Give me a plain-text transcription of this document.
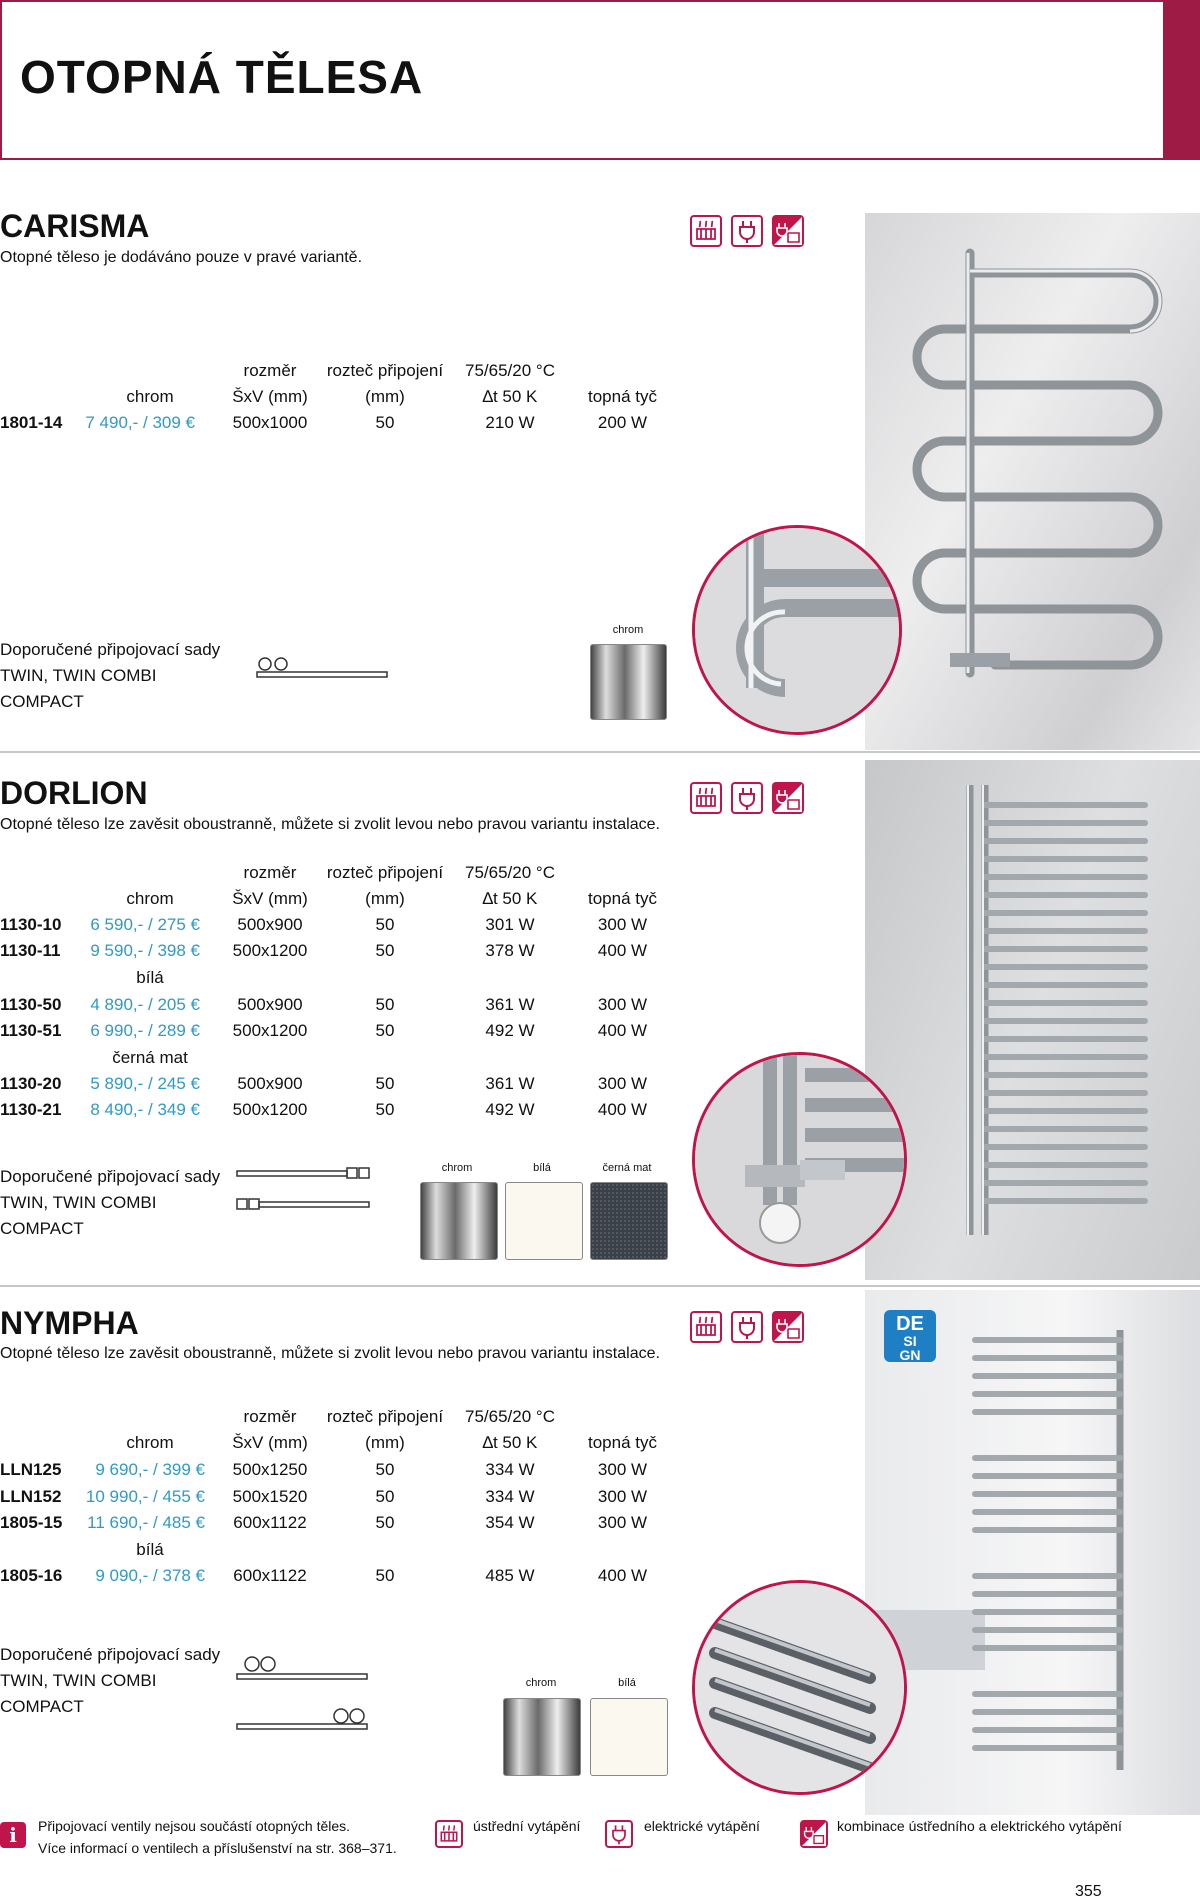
OTOPNÁ TĚLESA
CARISMA
Otopné těleso je dodáváno pouze v pravé variantě.
rozměr	rozteč připojení 75/65/20 °C
chrom	ŠxV (mm)	(mm)	∆t 50 K	topná tyč
1801-14	7 490,- / 309 € 500x1000	50	210 W	200 W
Doporučené připojovací sady
TWIN, TWIN COMBI
COMPACT
chrom
DORLION
Otopné těleso lze zavěsit oboustranně, můžete si zvolit levou nebo pravou variantu instalace.
rozměr	rozteč připojení 75/65/20 °C
chrom	ŠxV (mm)	(mm)	∆t 50 K	topná tyč
1130-10	6 590,- / 275 €	500x900	50	301 W	300 W
1130-11	9 590,- / 398 € 500x1200	50	378 W	400 W
bílá
1130-50	4 890,- / 205 €	500x900	50	361 W	300 W
1130-51	6 990,- / 289 € 500x1200	50	492 W	400 W
černá mat
1130-20	5 890,- / 245 €	500x900	50	361 W	300 W
1130-21	8 490,- / 349 € 500x1200	50	492 W	400 W
Doporučené připojovací sady
TWIN, TWIN COMBI
COMPACT
chrom	bílá	černá mat
NYMPHA
Otopné těleso lze zavěsit oboustranně, můžete si zvolit levou nebo pravou variantu instalace.
rozměr	rozteč připojení 75/65/20 °C
chrom	ŠxV (mm)	(mm)	∆t 50 K	topná tyč
LLN125	9 690,- / 399 € 500x1250	50	334 W	300 W
LLN152	10 990,- / 455 € 500x1520	50	334 W	300 W
1805-15	11 690,- / 485 € 600x1122	50	354 W	300 W
bílá
1805-16	9 090,- / 378 € 600x1122	50	485 W	400 W
Doporučené připojovací sady
TWIN, TWIN COMBI
COMPACT
chrom	bílá
DE
SI
GN
i	Připojovací ventily nejsou součástí otopných těles.
Více informací o ventilech a příslušenství na str. 368–371.
ústřední vytápění	elektrické vytápění	kombinace ústředního a elektrického vytápění
355
